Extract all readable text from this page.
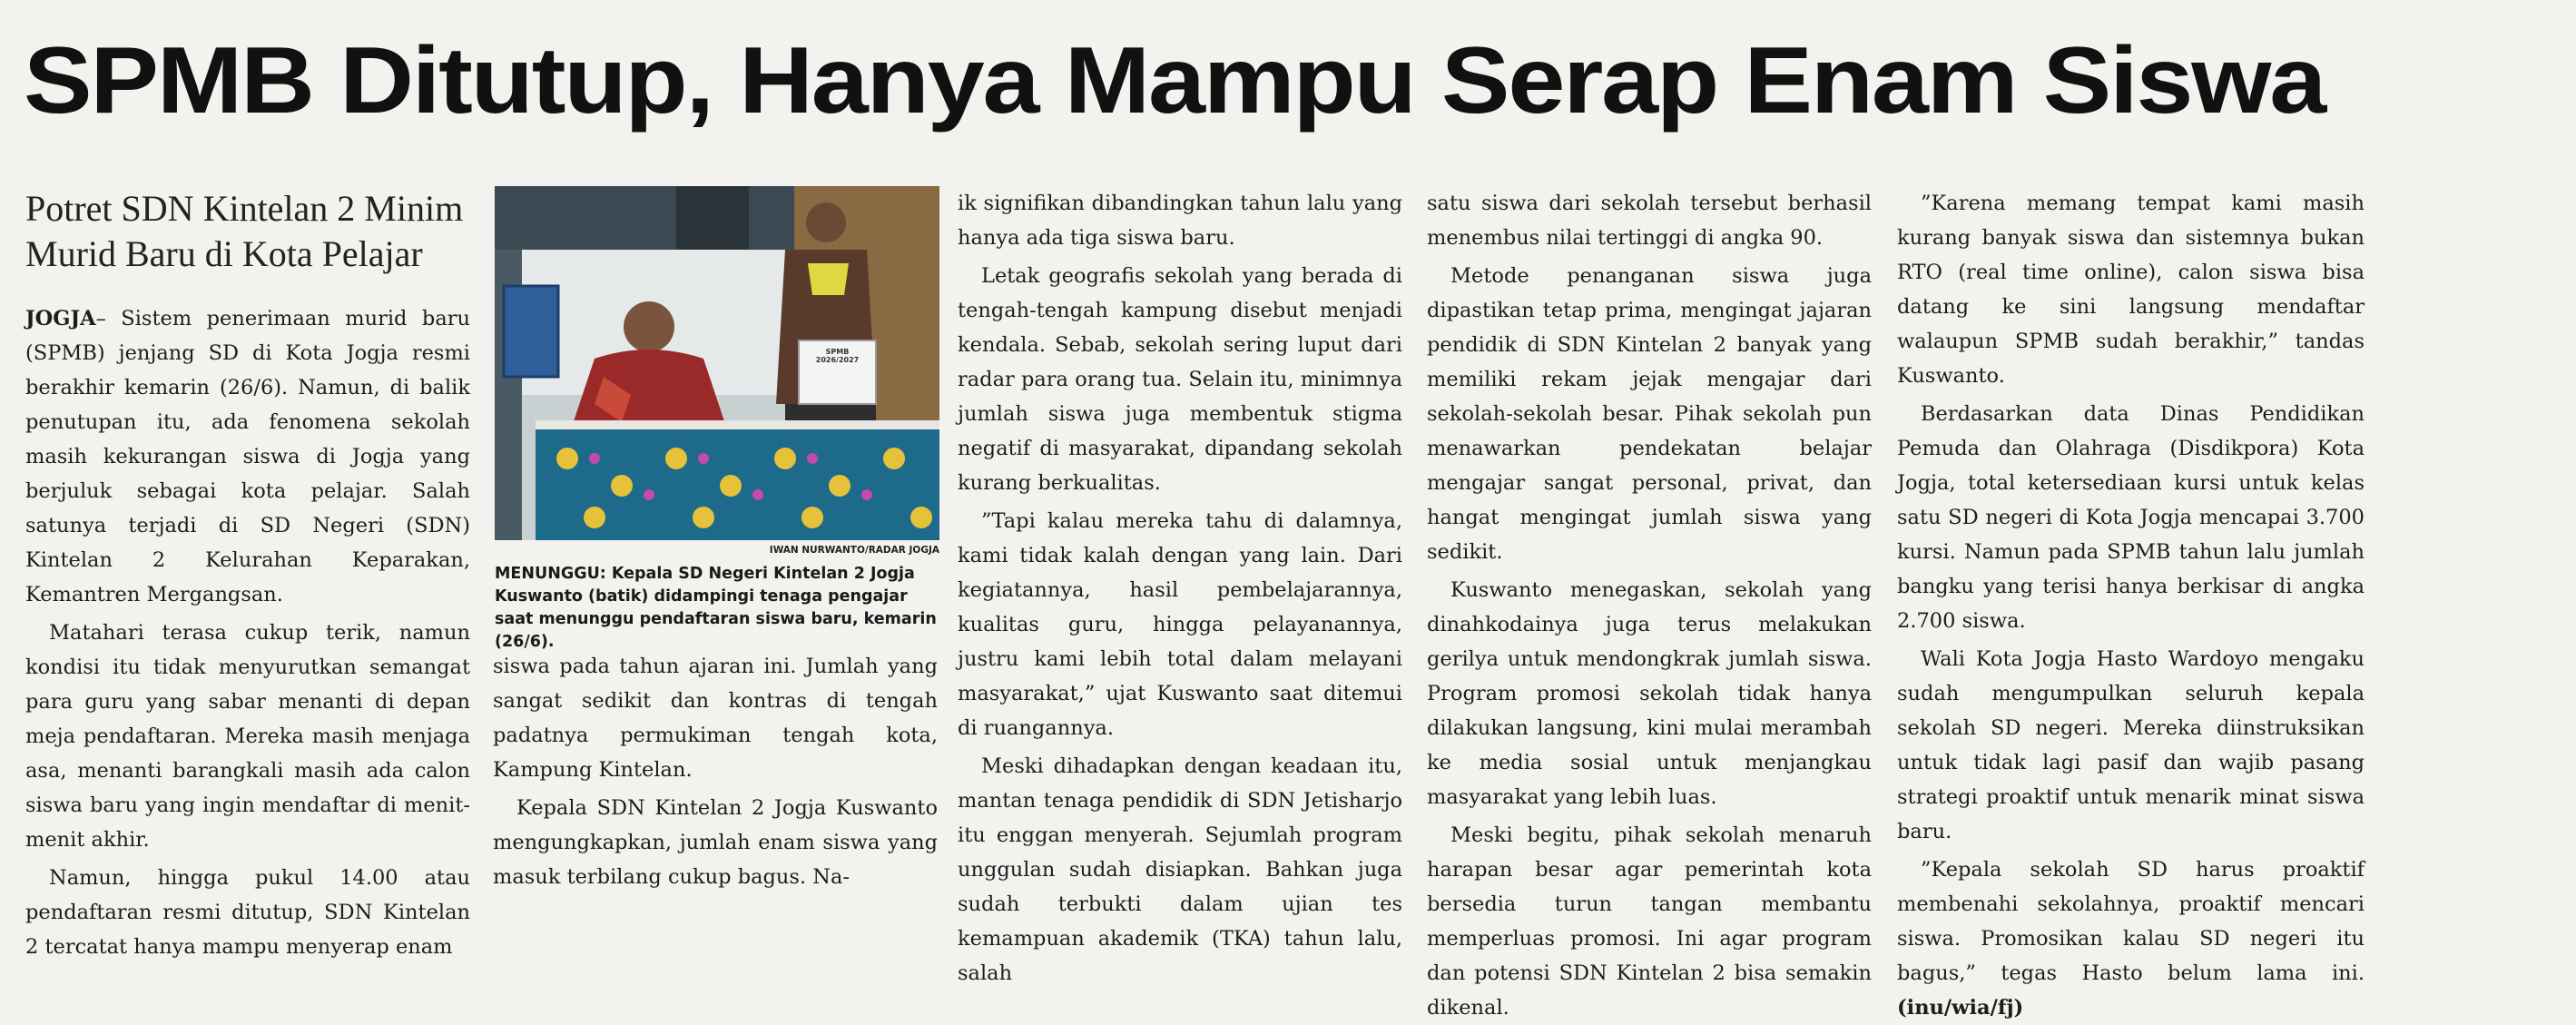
SPMB Ditutup, Hanya Mampu Serap Enam Siswa
Potret SDN Kintelan 2 Minim Murid Baru di Kota Pelajar

JOGJA– Sistem penerimaan murid baru (SPMB) jenjang SD di Kota Jogja resmi berakhir kemarin (26/6). Namun, di balik penutupan itu, ada fenomena sekolah masih kekurangan siswa di Jogja yang berjuluk sebagai kota pelajar. Salah satunya terjadi di SD Negeri (SDN) Kintelan 2 Kelurahan Keparakan, Kemantren Mergangsan.

Matahari terasa cukup terik, namun kondisi itu tidak menyurutkan semangat para guru yang sabar menanti di depan meja pendaftaran. Mereka masih menjaga asa, menanti barangkali masih ada calon siswa baru yang ingin mendaftar di menit-menit akhir.

Namun, hingga pukul 14.00 atau pendaftaran resmi ditutup, SDN Kintelan 2 tercatat hanya mampu menyerap enam

SPMB 2026/2027
IWAN NURWANTO/RADAR JOGJA
MENUNGGU: Kepala SD Negeri Kintelan 2 Jogja Kuswanto (batik) didampingi tenaga pengajar saat menunggu pendaftaran siswa baru, kemarin (26/6).

siswa pada tahun ajaran ini. Jumlah yang sangat sedikit dan kontras di tengah padatnya permukiman tengah kota, Kampung Kintelan.

Kepala SDN Kintelan 2 Jogja Kuswanto mengungkapkan, jumlah enam siswa yang masuk terbilang cukup bagus. Na-

ik signifikan dibandingkan tahun lalu yang hanya ada tiga siswa baru.

Letak geografis sekolah yang berada di tengah-tengah kampung disebut menjadi kendala. Sebab, sekolah sering luput dari radar para orang tua. Selain itu, minimnya jumlah siswa juga membentuk stigma negatif di masyarakat, dipandang sekolah kurang berkualitas.

”Tapi kalau mereka tahu di dalamnya, kami tidak kalah dengan yang lain. Dari kegiatannya, hasil pembelajarannya, kualitas guru, hingga pelayanannya, justru kami lebih total dalam melayani masyarakat,” ujat Kuswanto saat ditemui di ruangannya.

Meski dihadapkan dengan keadaan itu, mantan tenaga pendidik di SDN Jetisharjo itu enggan menyerah. Sejumlah program unggulan sudah disiapkan. Bahkan juga sudah terbukti dalam ujian tes kemampuan akademik (TKA) tahun lalu, salah

satu siswa dari sekolah tersebut berhasil menembus nilai tertinggi di angka 90.

Metode penanganan siswa juga dipastikan tetap prima, mengingat jajaran pendidik di SDN Kintelan 2 banyak yang memiliki rekam jejak mengajar dari sekolah-sekolah besar. Pihak sekolah pun menawarkan pendekatan belajar mengajar sangat personal, privat, dan hangat mengingat jumlah siswa yang sedikit.

Kuswanto menegaskan, sekolah yang dinahkodainya juga terus melakukan gerilya untuk mendongkrak jumlah siswa. Program promosi sekolah tidak hanya dilakukan langsung, kini mulai merambah ke media sosial untuk menjangkau masyarakat yang lebih luas.

Meski begitu, pihak sekolah menaruh harapan besar agar pemerintah kota bersedia turun tangan membantu memperluas promosi. Ini agar program dan potensi SDN Kintelan 2 bisa semakin dikenal.

”Karena memang tempat kami masih kurang banyak siswa dan sistemnya bukan RTO (real time online), calon siswa bisa datang ke sini langsung mendaftar walaupun SPMB sudah berakhir,” tandas Kuswanto.

Berdasarkan data Dinas Pendidikan Pemuda dan Olahraga (Disdikpora) Kota Jogja, total ketersediaan kursi untuk kelas satu SD negeri di Kota Jogja mencapai 3.700 kursi. Namun pada SPMB tahun lalu jumlah bangku yang terisi hanya berkisar di angka 2.700 siswa.

Wali Kota Jogja Hasto Wardoyo mengaku sudah mengumpulkan seluruh kepala sekolah SD negeri. Mereka diinstruksikan untuk tidak lagi pasif dan wajib pasang strategi proaktif untuk menarik minat siswa baru.

”Kepala sekolah SD harus proaktif membenahi sekolahnya, proaktif mencari siswa. Promosikan kalau SD negeri itu bagus,” tegas Hasto belum lama ini. (inu/wia/fj)
